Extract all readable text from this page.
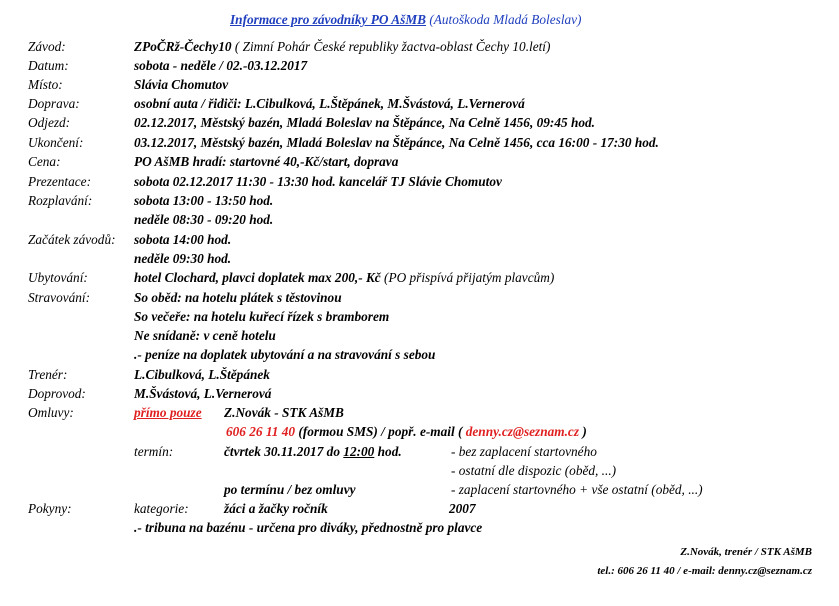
Informace pro závodníky PO AšMB (Autoškoda Mladá Boleslav)
Závod:	ZPoČRž-Čechy10 ( Zimní Pohár České republiky žactva-oblast Čechy 10.letí)
Datum:	sobota - neděle / 02.-03.12.2017
Místo:	Slávia Chomutov
Doprava:	osobní auta / řidiči: L.Cibulková, L.Štěpánek, M.Švástová, L.Vernerová
Odjezd:	02.12.2017, Městský bazén, Mladá Boleslav na Štěpánce, Na Celně 1456, 09:45 hod.
Ukončení:	03.12.2017, Městský bazén, Mladá Boleslav na Štěpánce, Na Celně 1456, cca 16:00 - 17:30 hod.
Cena:	PO AšMB hradí: startovné 40,-Kč/start, doprava
Prezentace:	sobota 02.12.2017 11:30 - 13:30 hod. kancelář TJ Slávie Chomutov
Rozplavání:	sobota 13:00 - 13:50 hod.
neděle 08:30 - 09:20 hod.
Začátek závodů: sobota 14:00 hod.
neděle 09:30 hod.
Ubytování:	hotel Clochard, plavci doplatek max 200,- Kč (PO přispívá přijatým plavcům)
Stravování:	So oběd: na hotelu plátek s těstovinou
So večeře: na hotelu kuřecí řízek s bramborem
Ne snídaně: v ceně hotelu
.- peníze na doplatek ubytování a na stravování s sebou
Trenér:	L.Cibulková, L.Štěpánek
Doprovod:	M.Švástová, L.Vernerová
Omluvy:	přímo pouze Z.Novák - STK AšMB
606 26 11 40 (formou SMS) / popř. e-mail ( denny.cz@seznam.cz )
termín:	čtvrtek 30.11.2017 do 12:00 hod.	- bez zaplacení startovného
- ostatní dle dispozic (oběd, ...)
po termínu / bez omluvy	- zaplacení startovného + vše ostatní (oběd, ...)
Pokyny:	kategorie:	žáci a žačky ročník	2007
.- tribuna na bazénu - určena pro diváky, přednostně pro plavce
Z.Novák, trenér / STK AšMB
tel.: 606 26 11 40 / e-mail: denny.cz@seznam.cz
